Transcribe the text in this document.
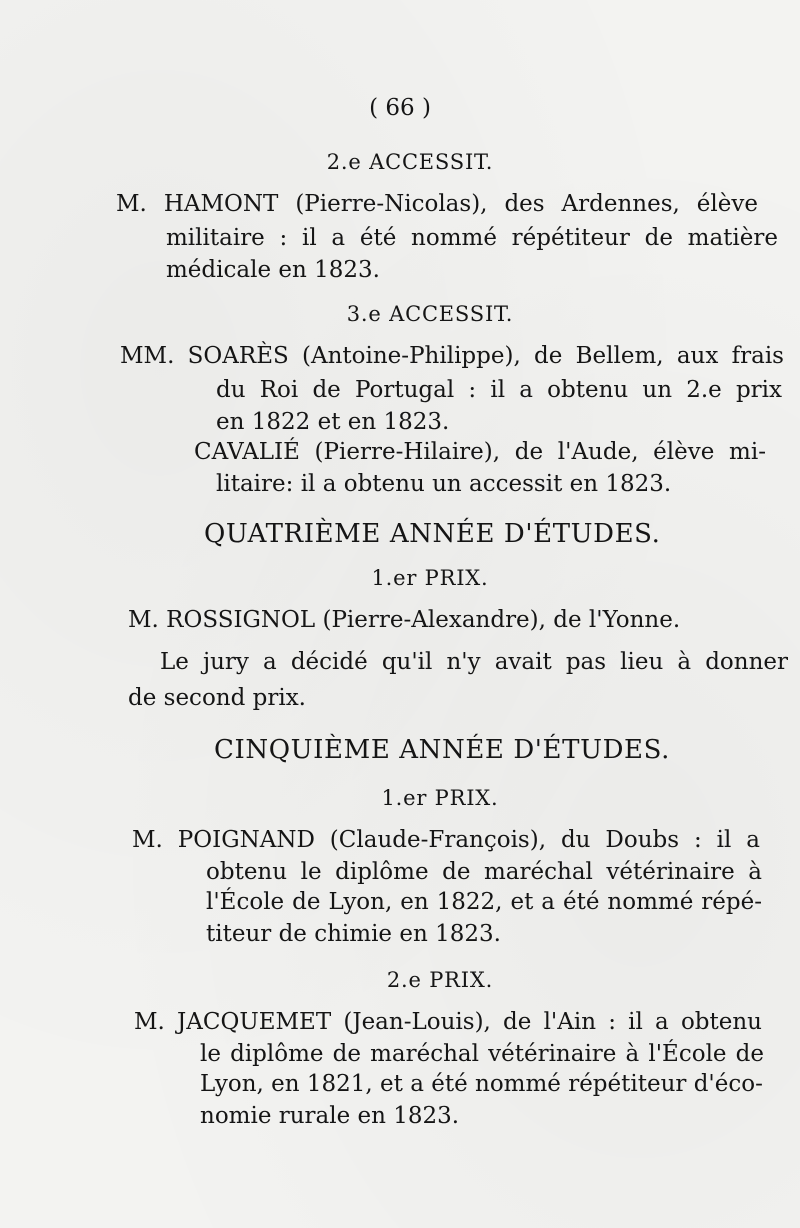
( 66 )
2.e ACCESSIT.
M. HAMONT (Pierre-Nicolas), des Ardennes, élève
militaire : il a été nommé répétiteur de matière
médicale en 1823.
3.e ACCESSIT.
MM. SOARÈS (Antoine-Philippe), de Bellem, aux frais
du Roi de Portugal : il a obtenu un 2.e prix
en 1822 et en 1823.
CAVALIÉ (Pierre-Hilaire), de l'Aude, élève mi-
litaire: il a obtenu un accessit en 1823.
QUATRIÈME ANNÉE D'ÉTUDES.
1.er PRIX.
M. ROSSIGNOL (Pierre-Alexandre), de l'Yonne.
Le jury a décidé qu'il n'y avait pas lieu à donner
de second prix.
CINQUIÈME ANNÉE D'ÉTUDES.
1.er PRIX.
M. POIGNAND (Claude-François), du Doubs : il a
obtenu le diplôme de maréchal vétérinaire à
l'École de Lyon, en 1822, et a été nommé répé-
titeur de chimie en 1823.
2.e PRIX.
M. JACQUEMET (Jean-Louis), de l'Ain : il a obtenu
le diplôme de maréchal vétérinaire à l'École de
Lyon, en 1821, et a été nommé répétiteur d'éco-
nomie rurale en 1823.
